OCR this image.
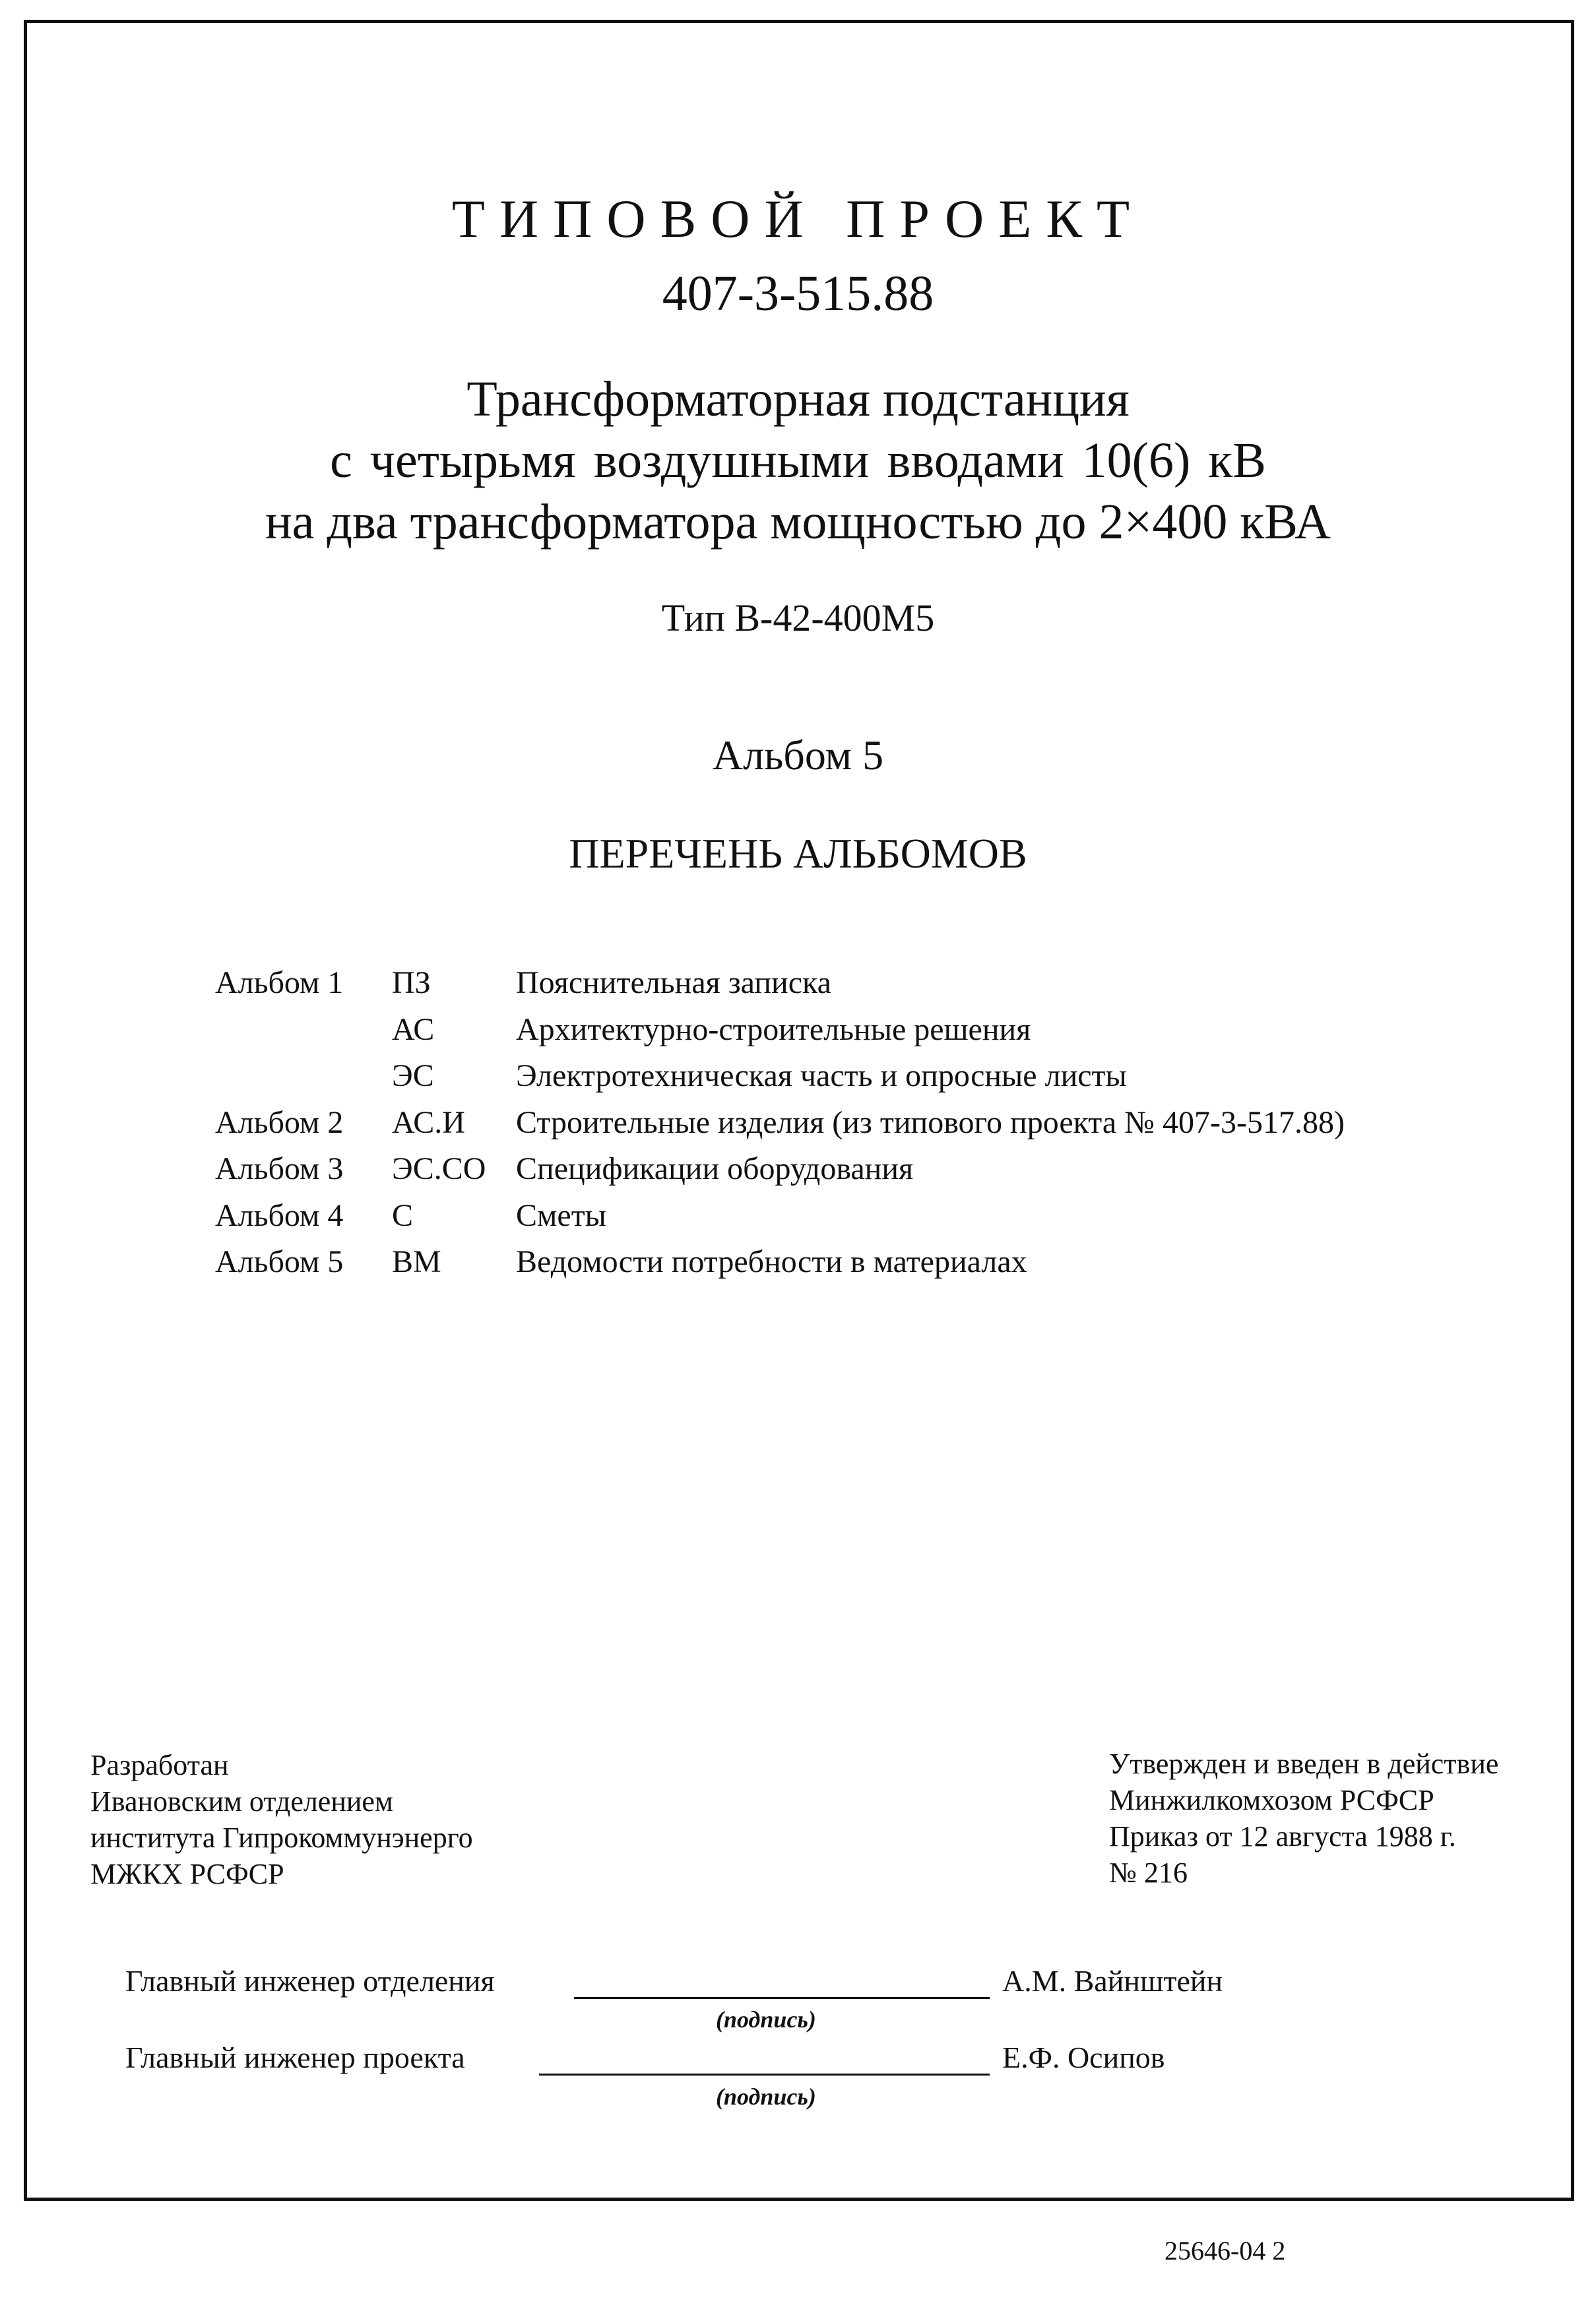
ТИПОВОЙ ПРОЕКТ
407-3-515.88
Трансформаторная подстанция
с четырьмя воздушными вводами 10(6) кВ
на два трансформатора мощностью до 2×400 кВА
Тип В-42-400М5
Альбом 5
ПЕРЕЧЕНЬ АЛЬБОМОВ
Альбом 1 ПЗ	Пояснительная записка
АС	Архитектурно-строительные решения
ЭС	Электротехническая часть и опросные листы
Альбом 2 АС.И Строительные изделия (из типового проекта № 407-3-517.88)
Альбом 3 ЭС.СО Спецификации оборудования
Альбом 4 С	Сметы
Альбом 5 ВМ Ведомости потребности в материалах
Разработан
Ивановским отделением
института Гипрокоммунэнерго
МЖКХ РСФСР
Утвержден и введен в действие
Минжилкомхозом РСФСР
Приказ от 12 августа 1988 г.
№ 216
Главный инженер отделения	А.М. Вайнштейн
(подпись)
Главный инженер проекта	Е.Ф. Осипов
(подпись)
25646-04 2
